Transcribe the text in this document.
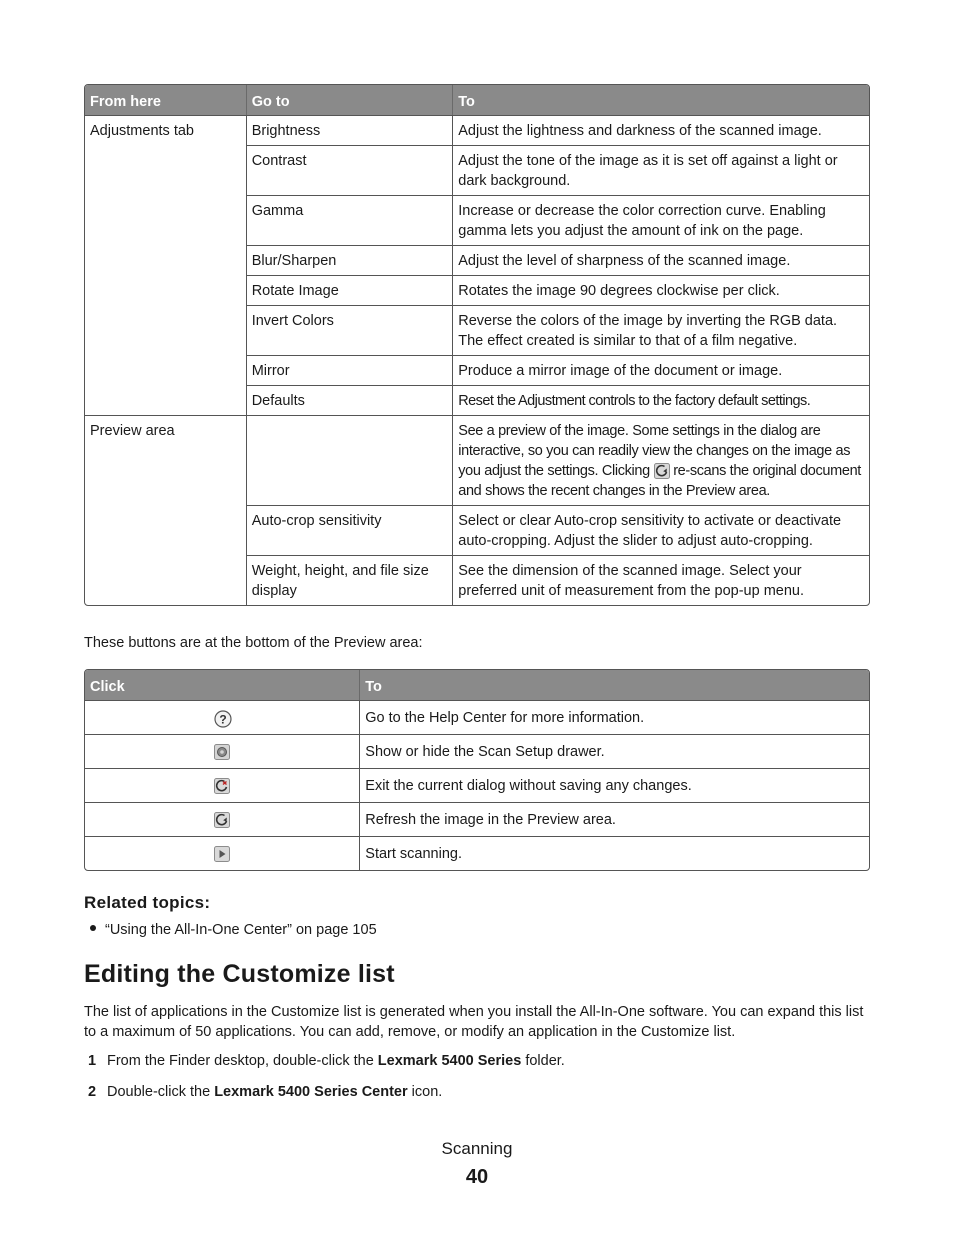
From here	Go to	To
Adjustments tab	Brightness	Adjust the lightness and darkness of the scanned image.
	Contrast	Adjust the tone of the image as it is set off against a light or dark background.
	Gamma	Increase or decrease the color correction curve. Enabling gamma lets you adjust the amount of ink on the page.
	Blur/Sharpen	Adjust the level of sharpness of the scanned image.
	Rotate Image	Rotates the image 90 degrees clockwise per click.
	Invert Colors	Reverse the colors of the image by inverting the RGB data. The effect created is similar to that of a film negative.
	Mirror	Produce a mirror image of the document or image.
	Defaults	Reset the Adjustment controls to the factory default settings.
Preview area		See a preview of the image. Some settings in the dialog are interactive, so you can readily view the changes on the image as you adjust the settings. Clicking re-scans the original document and shows the recent changes in the Preview area.
	Auto-crop sensitivity	Select or clear Auto-crop sensitivity to activate or deactivate auto-cropping. Adjust the slider to adjust auto-cropping.
	Weight, height, and file size display	See the dimension of the scanned image. Select your preferred unit of measurement from the pop-up menu.
These buttons are at the bottom of the Preview area:
Click	To

?	Go to the Help Center for more information.

	Show or hide the Scan Setup drawer.

	Exit the current dialog without saving any changes.

	Refresh the image in the Preview area.

	Start scanning.
Related topics:
“Using the All-In-One Center” on page 105
Editing the Customize list
The list of applications in the Customize list is generated when you install the All-In-One software. You can expand this list to a maximum of 50 applications. You can add, remove, or modify an application in the Customize list.
1 From the Finder desktop, double-click the Lexmark 5400 Series folder.
2 Double-click the Lexmark 5400 Series Center icon.
Scanning
40
